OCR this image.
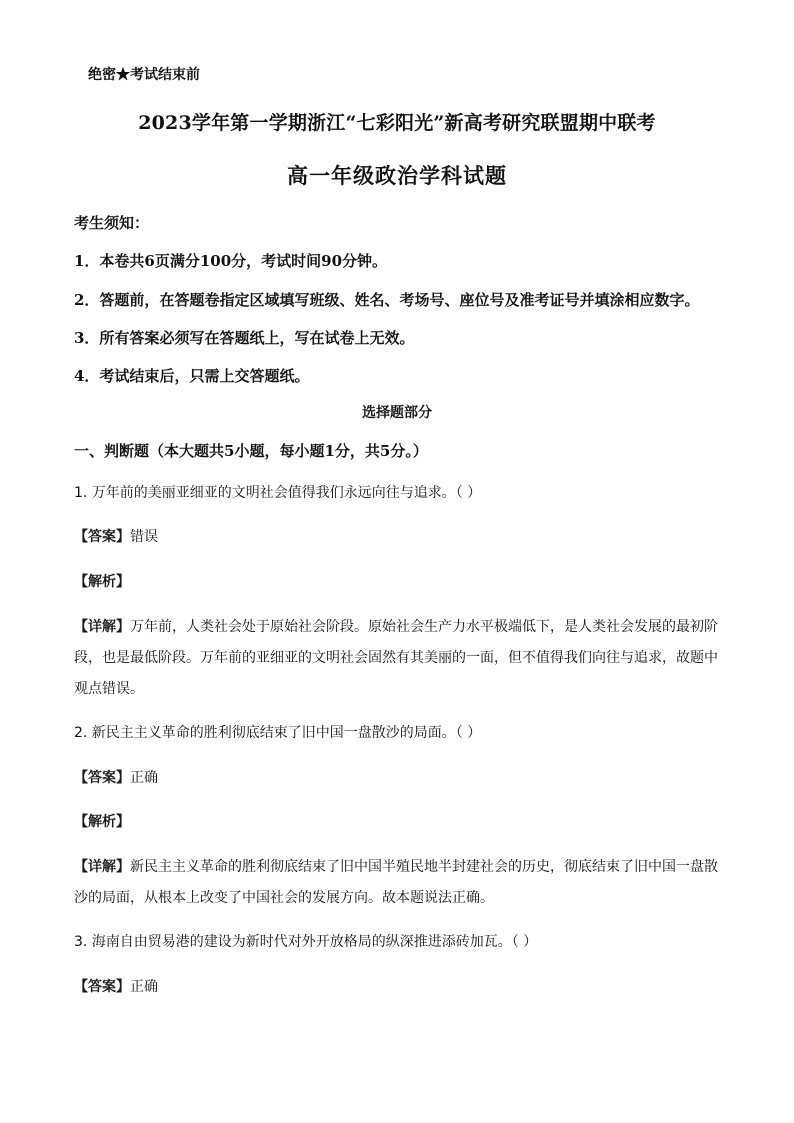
绝密★考试结束前
2023学年第一学期浙江“七彩阳光”新高考研究联盟期中联考
高一年级政治学科试题
考生须知：
1．本卷共6页满分100分，考试时间90分钟。
2．答题前，在答题卷指定区域填写班级、姓名、考场号、座位号及准考证号并填涂相应数字。
3．所有答案必须写在答题纸上，写在试卷上无效。
4．考试结束后，只需上交答题纸。
选择题部分
一、判断题（本大题共5小题，每小题1分，共5分。）
1. 万年前的美丽亚细亚的文明社会值得我们永远向往与追求。（ ）
【答案】错误
【解析】
【详解】万年前，人类社会处于原始社会阶段。原始社会生产力水平极端低下，是人类社会发展的最初阶
段，也是最低阶段。万年前的亚细亚的文明社会固然有其美丽的一面，但不值得我们向往与追求，故题中
观点错误。
2. 新民主主义革命的胜利彻底结束了旧中国一盘散沙的局面。（ ）
【答案】正确
【解析】
【详解】新民主主义革命的胜利彻底结束了旧中国半殖民地半封建社会的历史，彻底结束了旧中国一盘散
沙的局面，从根本上改变了中国社会的发展方向。故本题说法正确。
3. 海南自由贸易港的建设为新时代对外开放格局的纵深推进添砖加瓦。（ ）
【答案】正确
